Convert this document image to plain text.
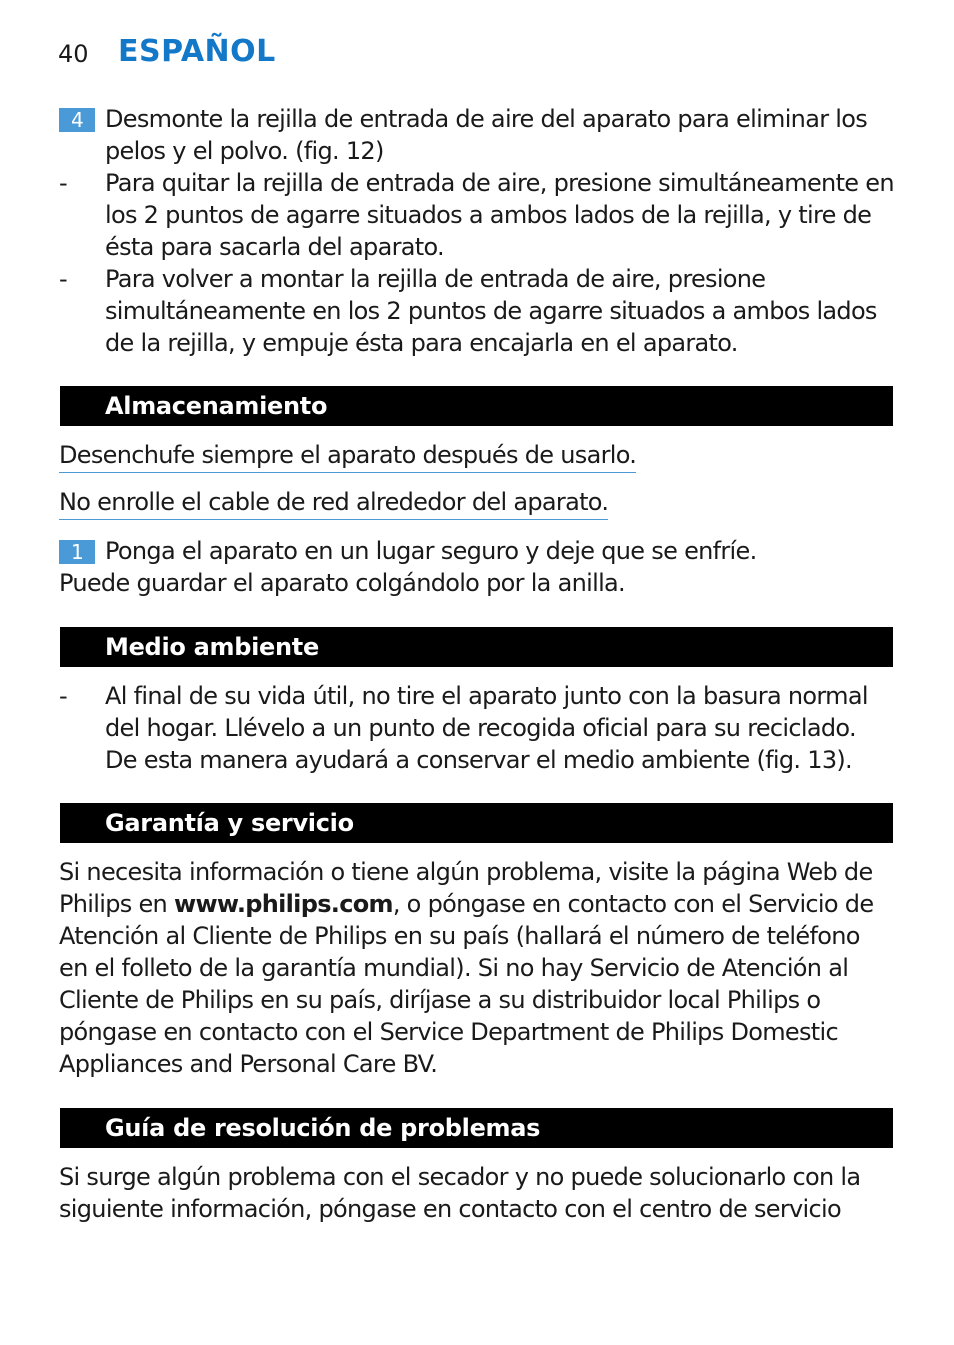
40 ESPAÑOL
4 Desmonte la rejilla de entrada de aire del aparato para eliminar los pelos y el polvo. (fig. 12)
- Para quitar la rejilla de entrada de aire, presione simultáneamente en los 2 puntos de agarre situados a ambos lados de la rejilla, y tire de ésta para sacarla del aparato.
- Para volver a montar la rejilla de entrada de aire, presione simultáneamente en los 2 puntos de agarre situados a ambos lados de la rejilla, y empuje ésta para encajarla en el aparato.
Almacenamiento
Desenchufe siempre el aparato después de usarlo.
No enrolle el cable de red alrededor del aparato.
1 Ponga el aparato en un lugar seguro y deje que se enfríe.
Puede guardar el aparato colgándolo por la anilla.
Medio ambiente
- Al final de su vida útil, no tire el aparato junto con la basura normal del hogar. Llévelo a un punto de recogida oficial para su reciclado. De esta manera ayudará a conservar el medio ambiente (fig. 13).
Garantía y servicio
Si necesita información o tiene algún problema, visite la página Web de Philips en www.philips.com, o póngase en contacto con el Servicio de Atención al Cliente de Philips en su país (hallará el número de teléfono en el folleto de la garantía mundial). Si no hay Servicio de Atención al Cliente de Philips en su país, diríjase a su distribuidor local Philips o póngase en contacto con el Service Department de Philips Domestic Appliances and Personal Care BV.
Guía de resolución de problemas
Si surge algún problema con el secador y no puede solucionarlo con la siguiente información, póngase en contacto con el centro de servicio
